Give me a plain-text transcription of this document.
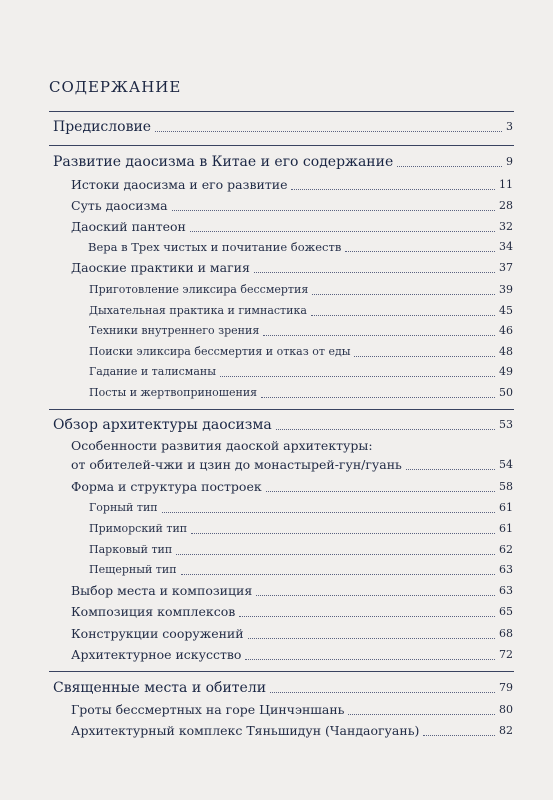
СОДЕРЖАНИЕ
Предисловие	3
Развитие даосизма в Китае и его содержание	9
Истоки даосизма и его развитие	11
Суть даосизма	28
Даоский пантеон	32
Вера в Трех чистых и почитание божеств	34
Даоские практики и магия	37
Приготовление эликсира бессмертия	39
Дыхательная практика и гимнастика	45
Техники внутреннего зрения	46
Поиски эликсира бессмертия и отказ от еды	48
Гадание и талисманы	49
Посты и жертвоприношения	50
Обзор архитектуры даосизма	53
Особенности развития даоской архитектуры:
от обителей-чжи и цзин до монастырей-гун/гуань	54
Форма и структура построек	58
Горный тип	61
Приморский тип	61
Парковый тип	62
Пещерный тип	63
Выбор места и композиция	63
Композиция комплексов	65
Конструкции сооружений	68
Архитектурное искусство	72
Священные места и обители	79
Гроты бессмертных на горе Цинчэншань	80
Архитектурный комплекс Тяньшидун (Чандаогуань)	82
